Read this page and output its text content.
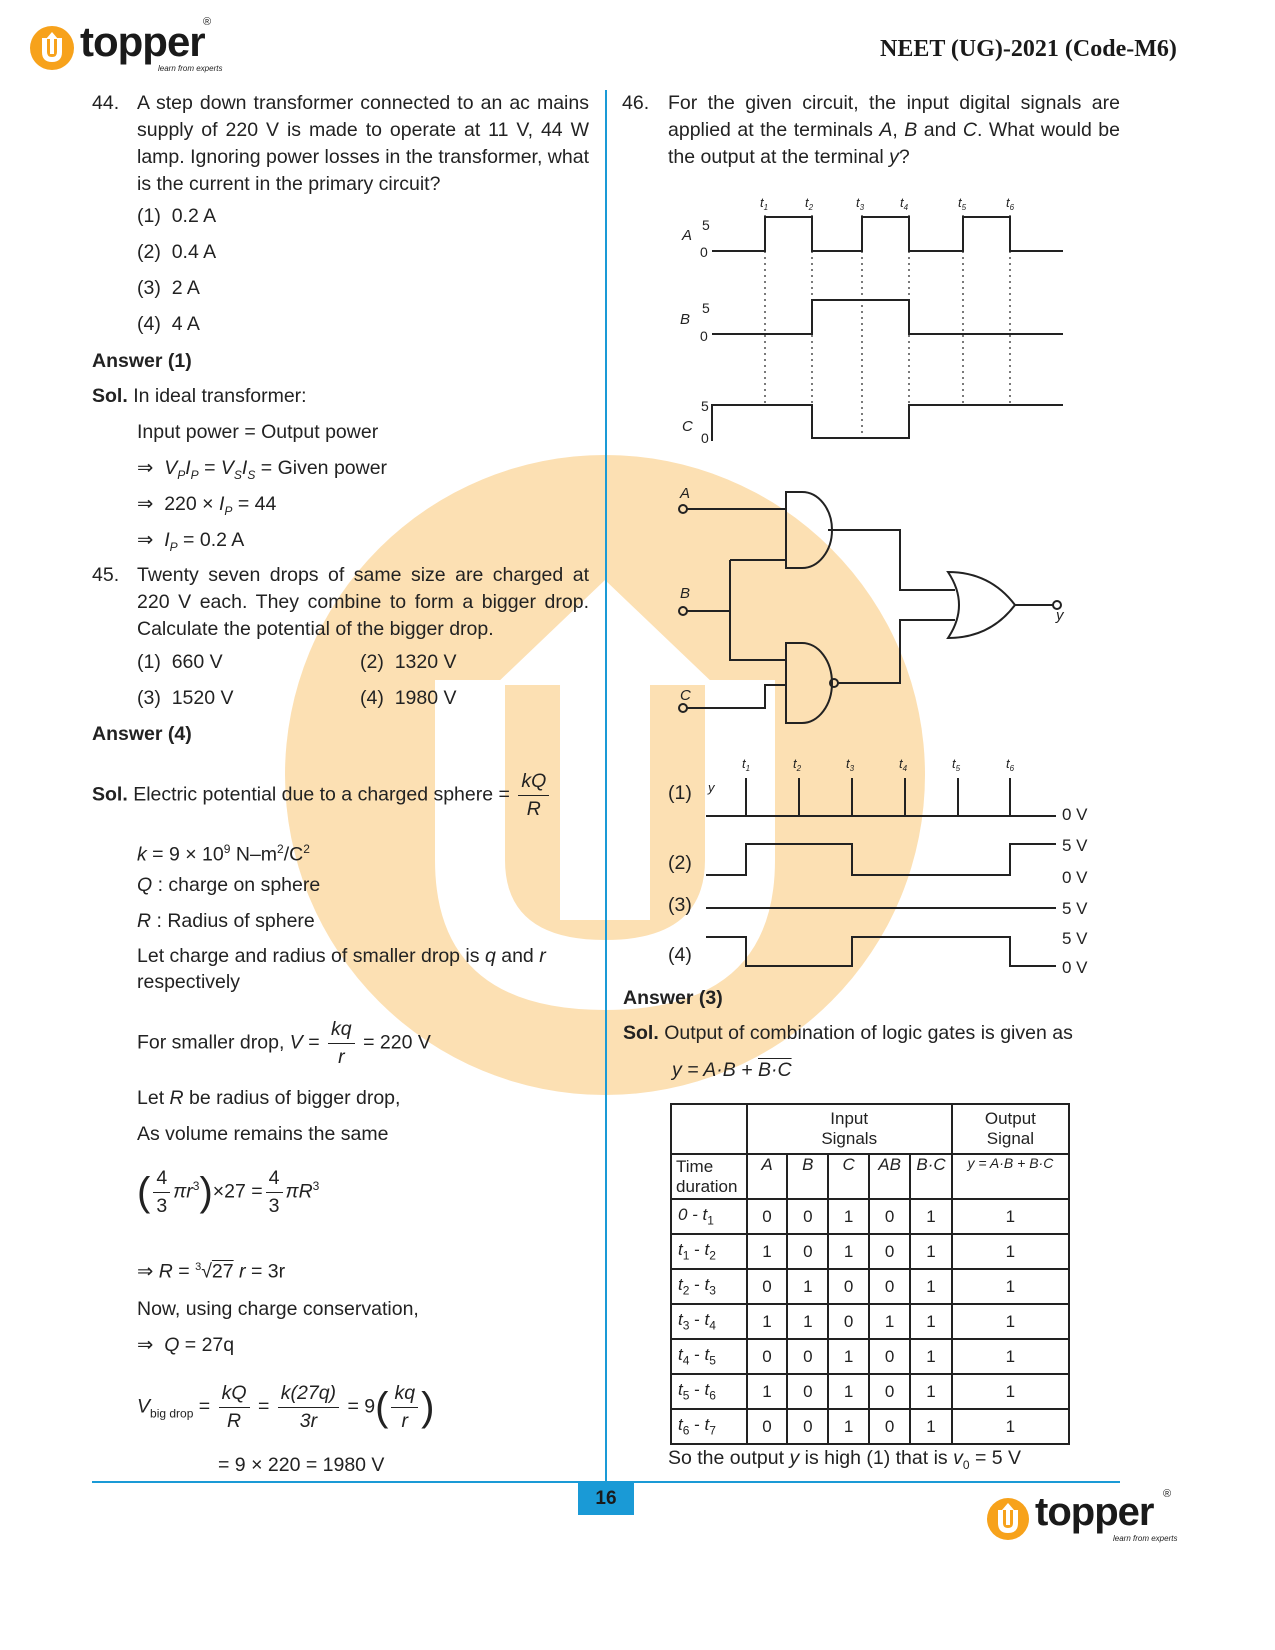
topper
®
learn from experts
NEET (UG)-2021 (Code-M6)
44. A step down transformer connected to an ac mains supply of 220 V is made to operate at 11 V, 44 W lamp. Ignoring power losses in the transformer, what is the current in the primary circuit?
(1) 0.2 A
(2) 0.4 A
(3) 2 A
(4) 4 A
Answer (1)
Sol. In ideal transformer:
Input power = Output power
⇒  $V_PI_P = V_SI_S$ = Given power
⇒  $220 \times I_P = 44$
⇒  $I_P = 0.2$ A
45. Twenty seven drops of same size are charged at 220 V each. They combine to form a bigger drop. Calculate the potential of the bigger drop.
(1) 660 V	(2) 1320 V
(3) 1520 V	(4) 1980 V
Answer (4)
Sol. Electric potential due to a charged sphere = $\frac{kQ}{R}$
$k = 9 \times 10^9$ $N-m^2/C^2$
Q : charge on sphere
R : Radius of sphere
Let charge and radius of smaller drop is q and r
respectively
For smaller drop, $V = \frac{kq}{r} = 220$ V
Let R be radius of bigger drop,
As volume remains the same
( $\frac{4}{3} \pi r^3)\times 27 = \frac{4}{3} \pi R^3$
⇒ R = $^3$√27 r = 3r
Now, using charge conservation,
⇒  Q = 27q
$V_{big drop} = \frac{kQ}{R} = \frac{k(27q)}{3r} = 9( \frac{kq}{r}$ )
= 9 × 220 = 1980 V
46. For the given circuit, the input digital signals are applied at the terminals A, B and C. What would be the output at the terminal y?
$t_1$	$t_2$	$t_3$	$t_4$	$t_5$	$t_6$
A
5
0
B
5
0
C
5
0
A
B
C
y
(1)
(2)
(3)
(4)
y
$t_1$	$t_2$	$t_3$	$t_4$	$t_5$	$t_6$
0 V
5 V
0 V
5 V
5 V
0 V
Answer (3)
Sol. Output of combination of logic gates is given as
y = A·B + B·C
	Input
Signals					Output
Signal
Time
duration	A	B	C	AB	B·C	y = A·B + B·C
$0 - t_1$	0	0	1	0	1	1
$t_1 - t_2$	1	0	1	0	1	1
$t_2 - t_3$	0	1	0	0	1	1
$t_3 - t_4$	1	1	0	1	1	1
$t_4 - t_5$	0	0	1	0	1	1
$t_5 - t_6$	1	0	1	0	1	1
$t_6 - t_7$	0	0	1	0	1	1
So the output y is high (1) that is $v_0 = 5$ V
16	topper ®
learn from experts
